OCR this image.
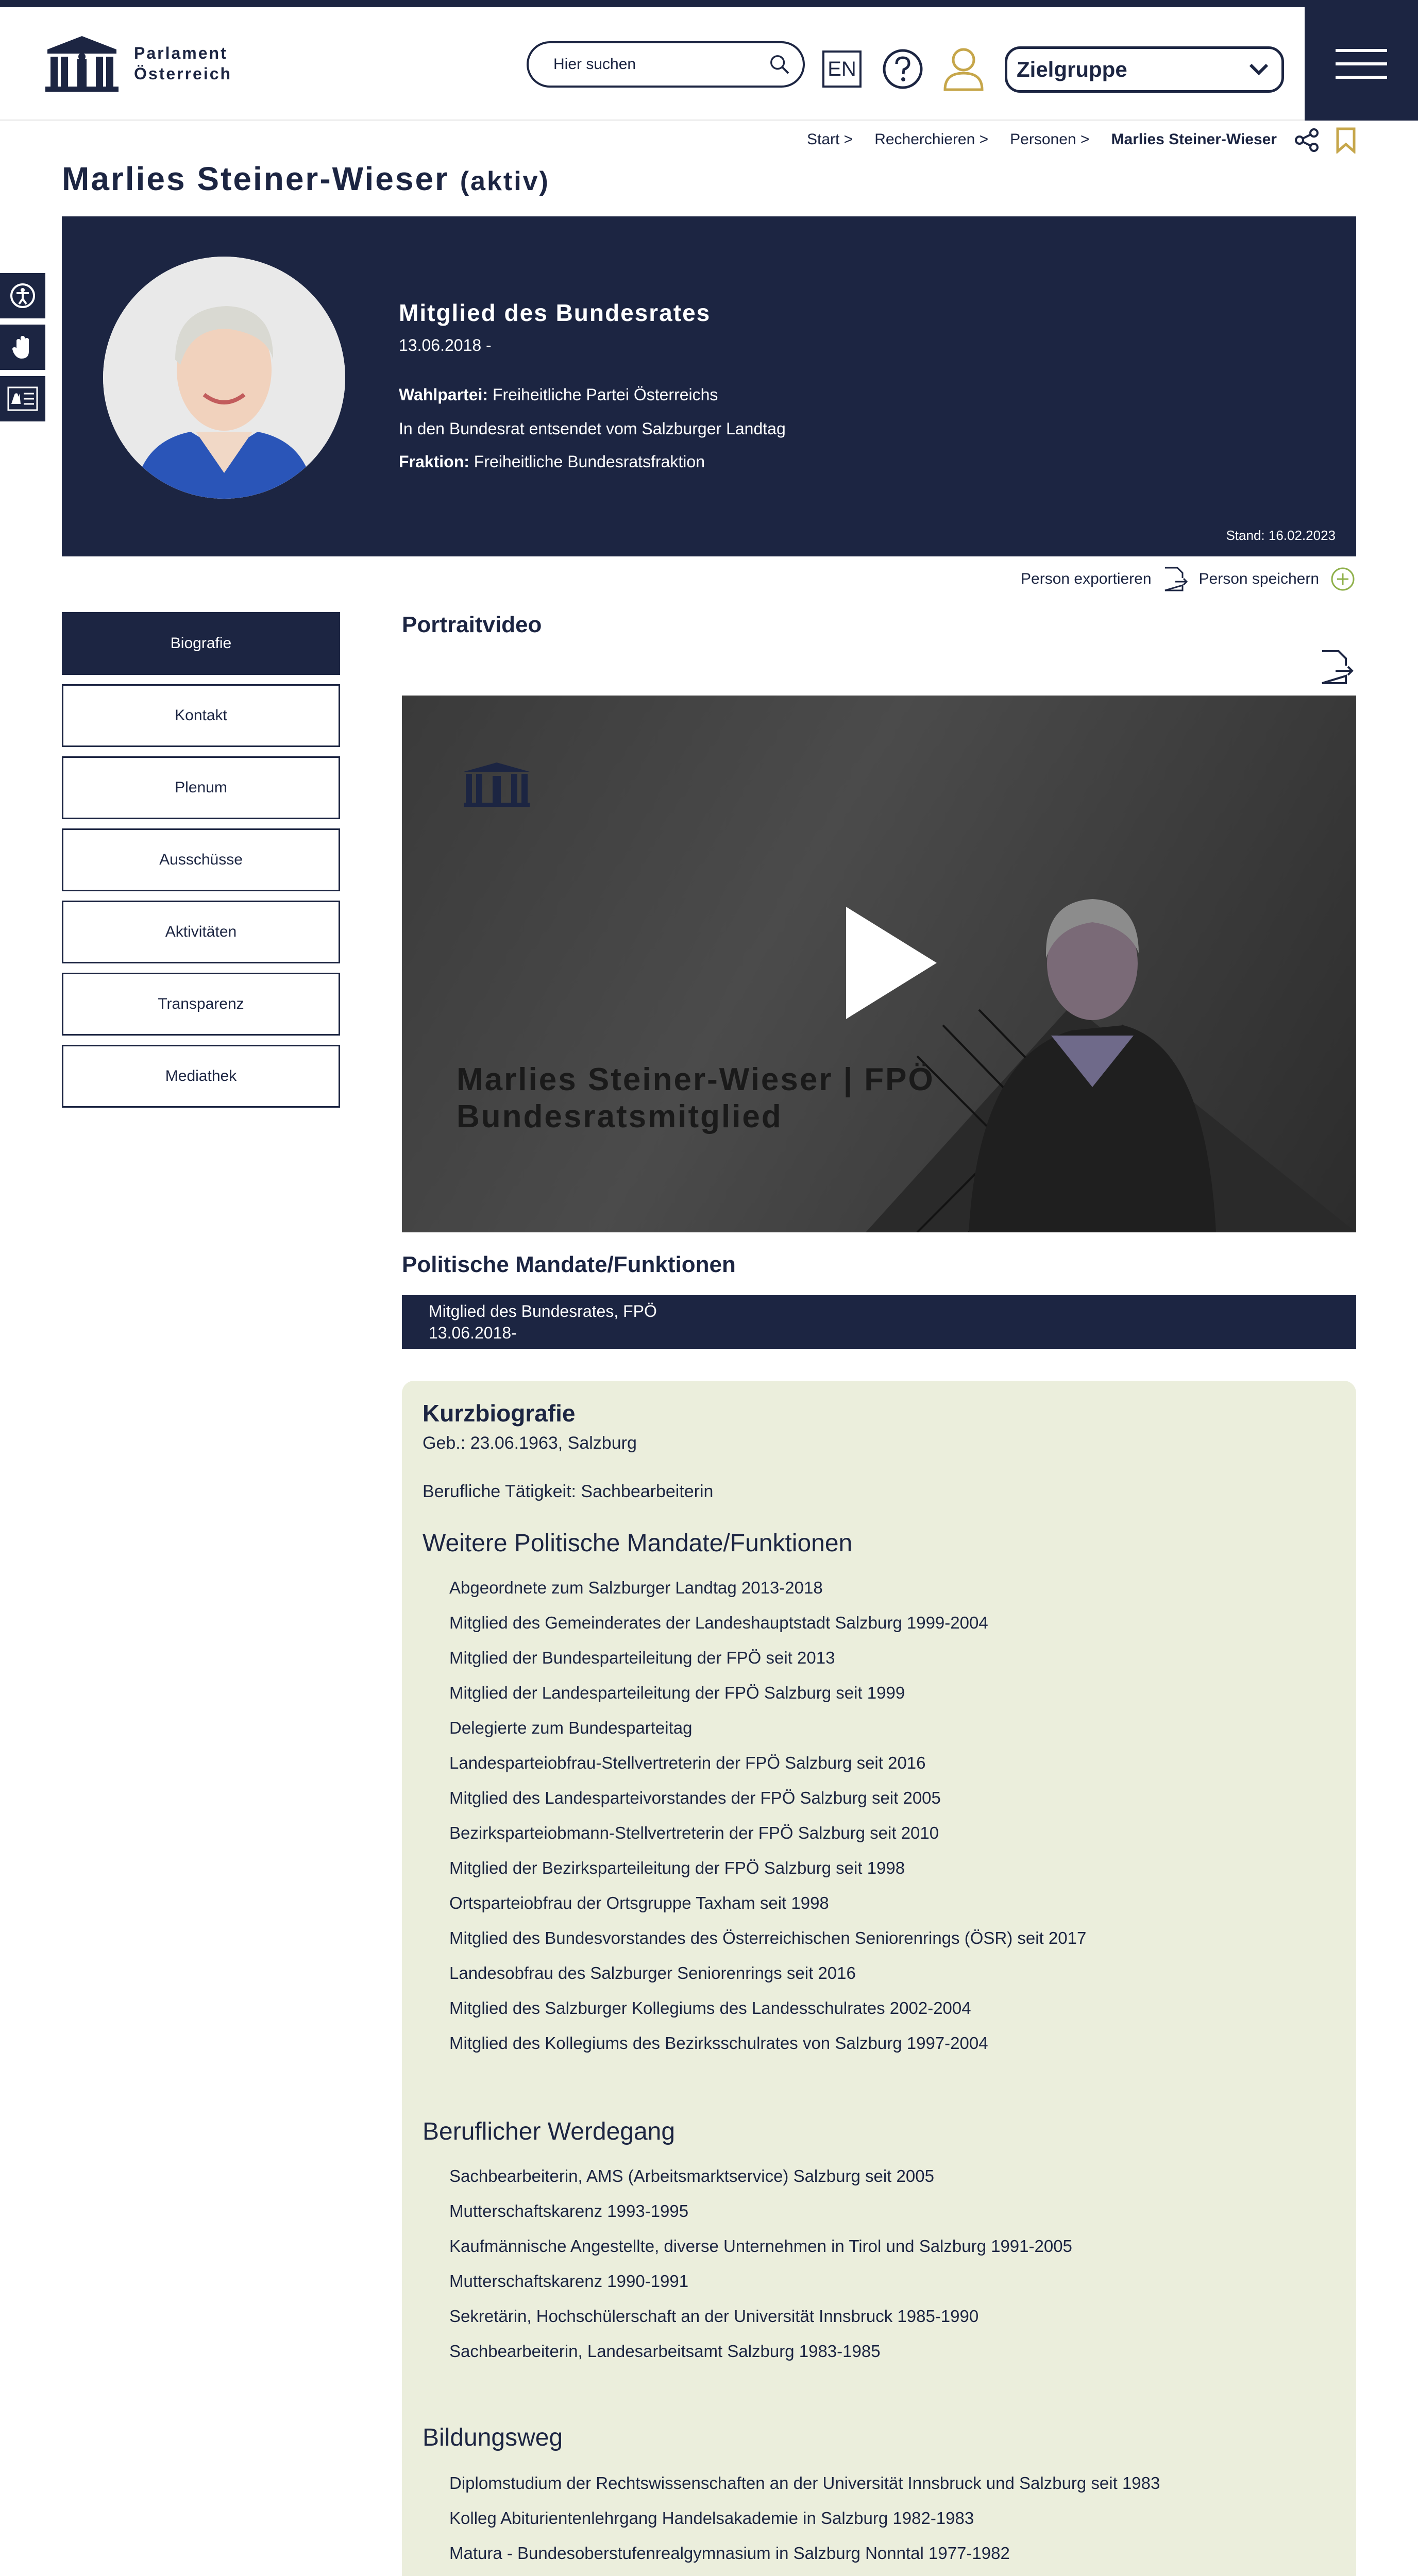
Parlament
Österreich
Hier suchen	EN	Zielgruppe
Start > Recherchieren > Personen > Marlies Steiner-Wieser
Marlies Steiner-Wieser (aktiv)
Mitglied des Bundesrates
13.06.2018 -
Wahlpartei: Freiheitliche Partei Österreichs
In den Bundesrat entsendet vom Salzburger Landtag
Fraktion: Freiheitliche Bundesratsfraktion
Stand: 16.02.2023
Person exportieren	Person speichern
Biografie
Kontakt
Plenum
Ausschüsse
Aktivitäten
Transparenz
Mediathek
Portraitvideo
Marlies Steiner-Wieser | FPÖ
Bundesratsmitglied
Politische Mandate/Funktionen
Mitglied des Bundesrates, FPÖ
13.06.2018-
Kurzbiografie
Geb.: 23.06.1963, Salzburg
Berufliche Tätigkeit: Sachbearbeiterin
Weitere Politische Mandate/Funktionen
Abgeordnete zum Salzburger Landtag 2013-2018
Mitglied des Gemeinderates der Landeshauptstadt Salzburg 1999-2004
Mitglied der Bundesparteileitung der FPÖ seit 2013
Mitglied der Landesparteileitung der FPÖ Salzburg seit 1999
Delegierte zum Bundesparteitag
Landesparteiobfrau-Stellvertreterin der FPÖ Salzburg seit 2016
Mitglied des Landesparteivorstandes der FPÖ Salzburg seit 2005
Bezirksparteiobmann-Stellvertreterin der FPÖ Salzburg seit 2010
Mitglied der Bezirksparteileitung der FPÖ Salzburg seit 1998
Ortsparteiobfrau der Ortsgruppe Taxham seit 1998
Mitglied des Bundesvorstandes des Österreichischen Seniorenrings (ÖSR) seit 2017
Landesobfrau des Salzburger Seniorenrings seit 2016
Mitglied des Salzburger Kollegiums des Landesschulrates 2002-2004
Mitglied des Kollegiums des Bezirksschulrates von Salzburg 1997-2004
Beruflicher Werdegang
Sachbearbeiterin, AMS (Arbeitsmarktservice) Salzburg seit 2005
Mutterschaftskarenz 1993-1995
Kaufmännische Angestellte, diverse Unternehmen in Tirol und Salzburg 1991-2005
Mutterschaftskarenz 1990-1991
Sekretärin, Hochschülerschaft an der Universität Innsbruck 1985-1990
Sachbearbeiterin, Landesarbeitsamt Salzburg 1983-1985
Bildungsweg
Diplomstudium der Rechtswissenschaften an der Universität Innsbruck und Salzburg seit 1983
Kolleg Abiturientenlehrgang Handelsakademie in Salzburg 1982-1983
Matura - Bundesoberstufenrealgymnasium in Salzburg Nonntal 1977-1982
